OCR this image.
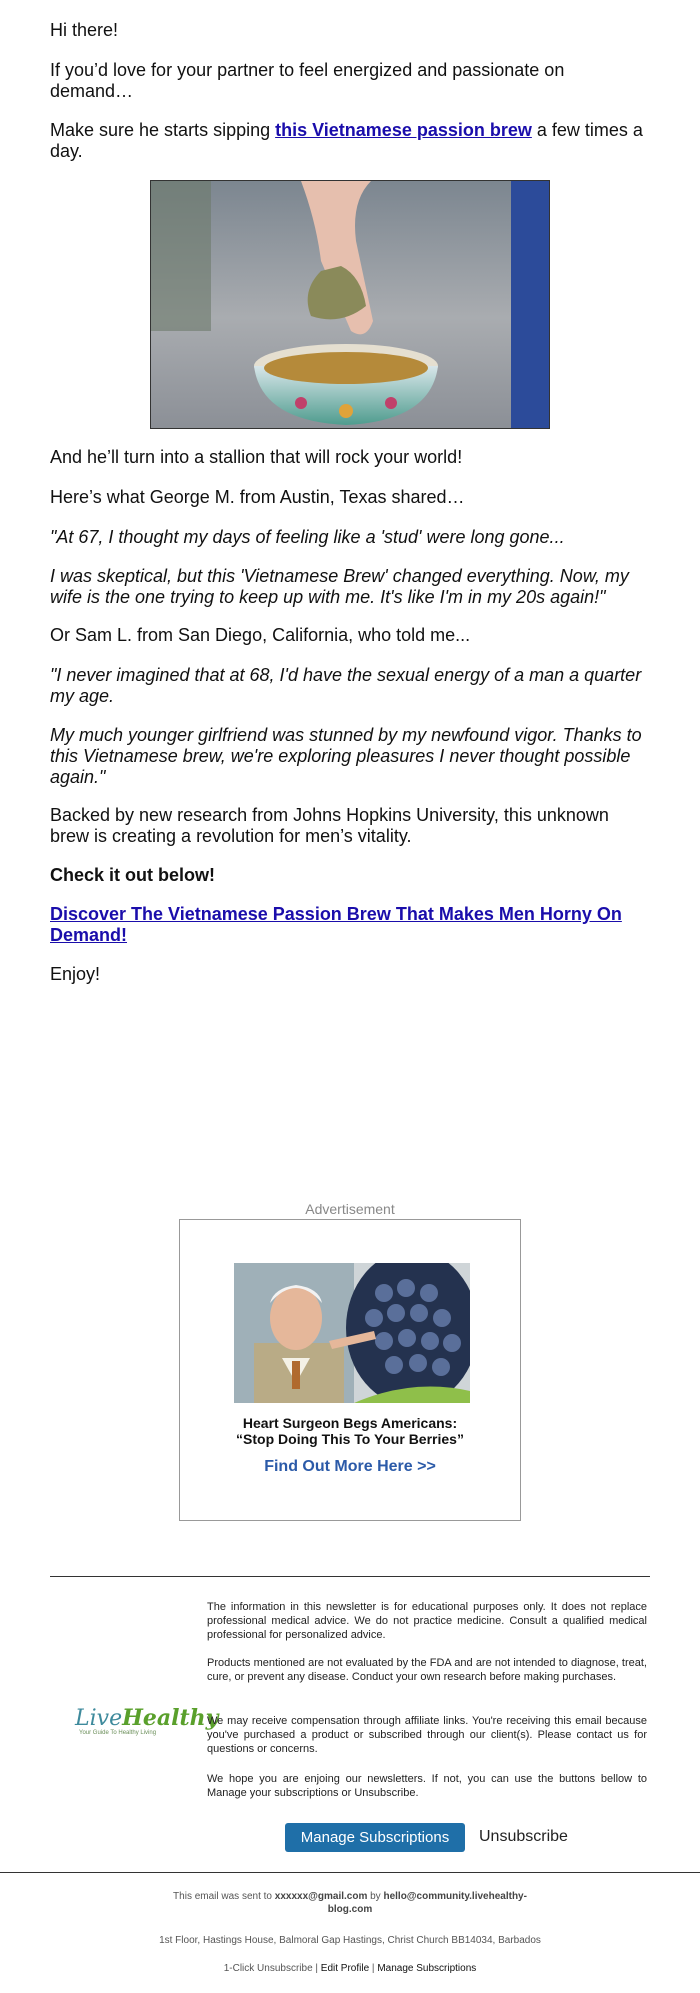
Hi there!

If you’d love for your partner to feel energized and passionate on demand…

Make sure he starts sipping this Vietnamese passion brew a few times a day.

And he’ll turn into a stallion that will rock your world!

Here’s what George M. from Austin, Texas shared…

"At 67, I thought my days of feeling like a 'stud' were long gone...

I was skeptical, but this 'Vietnamese Brew' changed everything. Now, my wife is the one trying to keep up with me. It's like I'm in my 20s again!"

Or Sam L. from San Diego, California, who told me...

"I never imagined that at 68, I'd have the sexual energy of a man a quarter my age.

My much younger girlfriend was stunned by my newfound vigor. Thanks to this Vietnamese brew, we're exploring pleasures I never thought possible again."

Backed by new research from Johns Hopkins University, this unknown brew is creating a revolution for men’s vitality.

Check it out below!

Discover The Vietnamese Passion Brew That Makes Men Horny On Demand!

Enjoy!

Advertisement
Heart Surgeon Begs Americans:
“Stop Doing This To Your Berries”
Find Out More Here >>
LiveHealthy
Your Guide To Healthy Living
The information in this newsletter is for educational purposes only. It does not replace professional medical advice. We do not practice medicine. Consult a qualified medical professional for personalized advice.
Products mentioned are not evaluated by the FDA and are not intended to diagnose, treat, cure, or prevent any disease. Conduct your own research before making purchases.
We may receive compensation through affiliate links. You're receiving this email because you've purchased a product or subscribed through our client(s). Please contact us for questions or concerns.
We hope you are enjoing our newsletters. If not, you can use the buttons bellow to Manage your subscriptions or Unsubscribe.
Manage Subscriptions	Unsubscribe
This email was sent to xxxxxx@gmail.com by hello@community.livehealthy-
blog.com
1st Floor, Hastings House, Balmoral Gap Hastings, Christ Church BB14034, Barbados
1-Click Unsubscribe | Edit Profile | Manage Subscriptions
